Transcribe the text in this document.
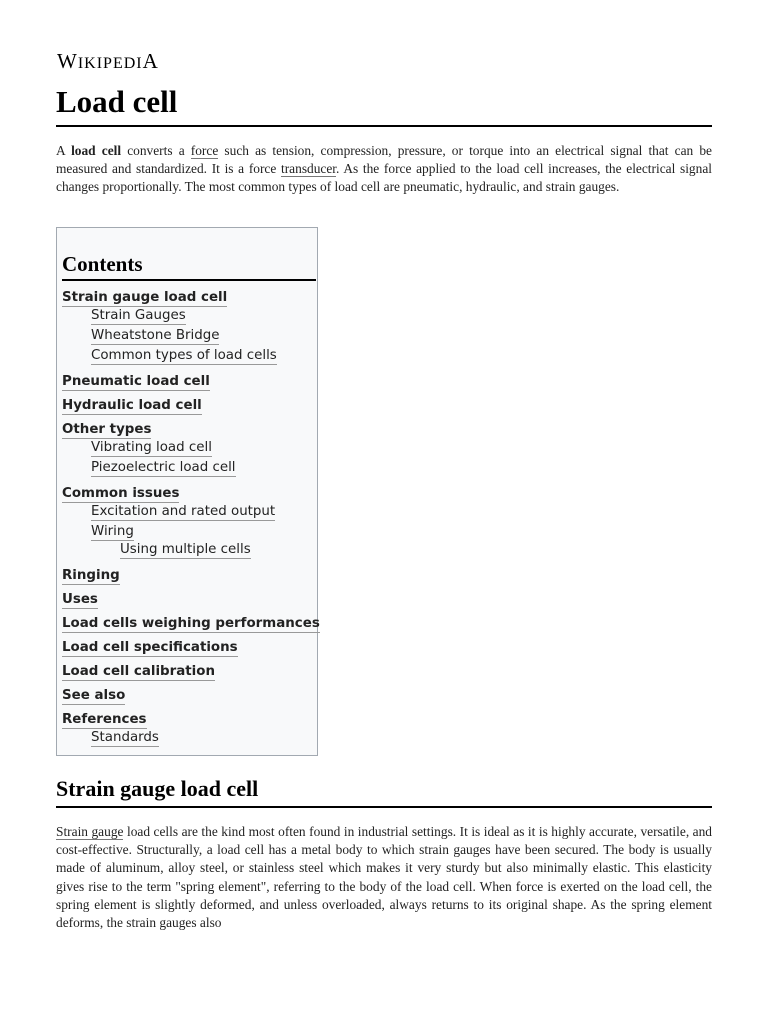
WIKIPEDIA
Load cell

A load cell converts a force such as tension, compression, pressure, or torque into an electrical signal that can be measured and standardized. It is a force transducer. As the force applied to the load cell increases, the electrical signal changes proportionally. The most common types of load cell are pneumatic, hydraulic, and strain gauges.

Contents
Strain gauge load cell
Strain Gauges
Wheatstone Bridge
Common types of load cells
Pneumatic load cell
Hydraulic load cell
Other types
Vibrating load cell
Piezoelectric load cell
Common issues
Excitation and rated output
Wiring
Using multiple cells
Ringing
Uses
Load cells weighing performances
Load cell specifications
Load cell calibration
See also
References
Standards
Strain gauge load cell

Strain gauge load cells are the kind most often found in industrial settings. It is ideal as it is highly accurate, versatile, and cost-effective. Structurally, a load cell has a metal body to which strain gauges have been secured. The body is usually made of aluminum, alloy steel, or stainless steel which makes it very sturdy but also minimally elastic. This elasticity gives rise to the term "spring element", referring to the body of the load cell. When force is exerted on the load cell, the spring element is slightly deformed, and unless overloaded, always returns to its original shape. As the spring element deforms, the strain gauges also
